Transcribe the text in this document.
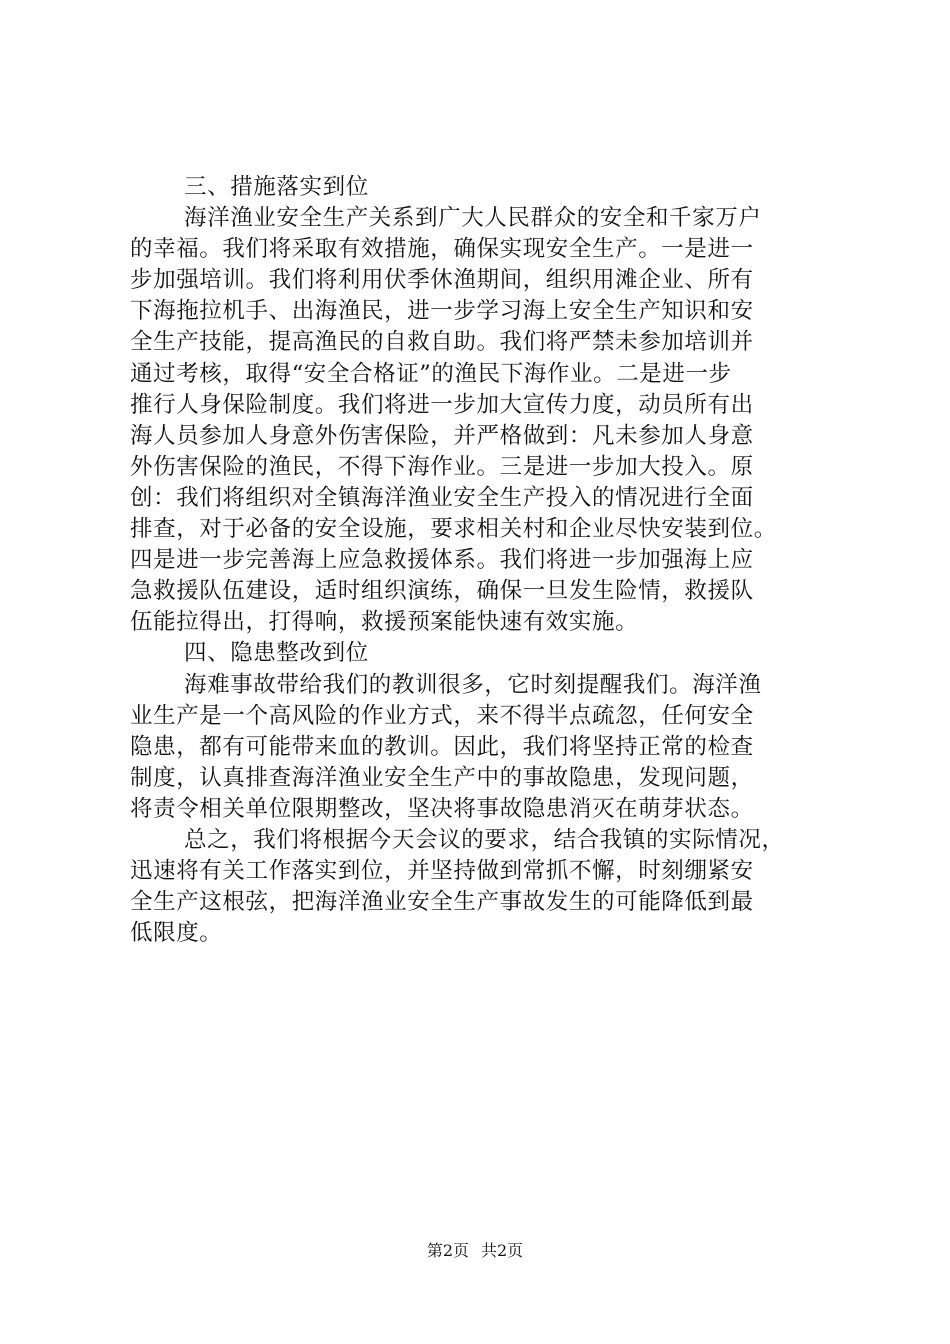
三、措施落实到位
海洋渔业安全生产关系到广大人民群众的安全和千家万户
的幸福。我们将采取有效措施，确保实现安全生产。一是进一
步加强培训。我们将利用伏季休渔期间，组织用滩企业、所有
下海拖拉机手、出海渔民，进一步学习海上安全生产知识和安
全生产技能，提高渔民的自救自助。我们将严禁未参加培训并
通过考核，取得“安全合格证”的渔民下海作业。二是进一步
推行人身保险制度。我们将进一步加大宣传力度，动员所有出
海人员参加人身意外伤害保险，并严格做到：凡未参加人身意
外伤害保险的渔民，不得下海作业。三是进一步加大投入。原
创：我们将组织对全镇海洋渔业安全生产投入的情况进行全面
排查，对于必备的安全设施，要求相关村和企业尽快安装到位。
四是进一步完善海上应急救援体系。我们将进一步加强海上应
急救援队伍建设，适时组织演练，确保一旦发生险情，救援队
伍能拉得出，打得响，救援预案能快速有效实施。
四、隐患整改到位
海难事故带给我们的教训很多，它时刻提醒我们。海洋渔
业生产是一个高风险的作业方式，来不得半点疏忽，任何安全
隐患，都有可能带来血的教训。因此，我们将坚持正常的检查
制度，认真排查海洋渔业安全生产中的事故隐患，发现问题，
将责令相关单位限期整改，坚决将事故隐患消灭在萌芽状态。
总之，我们将根据今天会议的要求，结合我镇的实际情况，
迅速将有关工作落实到位，并坚持做到常抓不懈，时刻绷紧安
全生产这根弦，把海洋渔业安全生产事故发生的可能降低到最
低限度。
第2页 共2页
